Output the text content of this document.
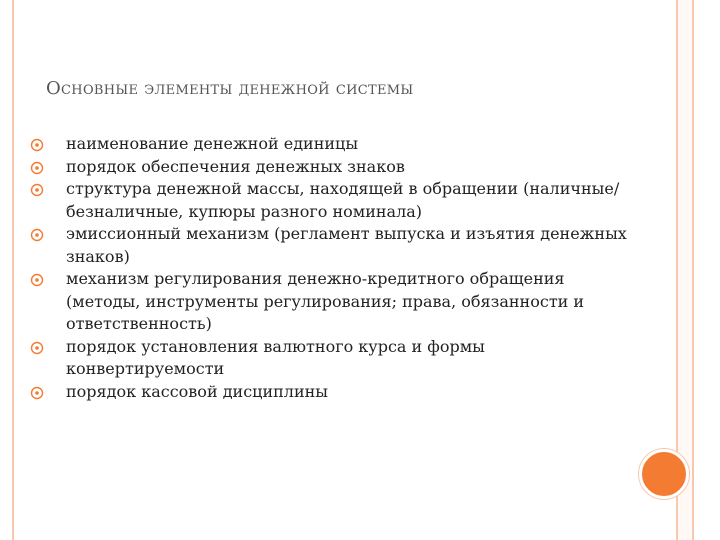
Основные элементы денежной системы
наименование денежной единицы
порядок обеспечения денежных знаков
структура денежной массы, находящей в обращении (наличные/безналичные, купюры разного номинала)
эмиссионный механизм (регламент выпуска и изъятия денежных знаков)
механизм регулирования денежно-кредитного обращения (методы, инструменты регулирования; права, обязанности и ответственность)
порядок установления валютного курса и формы конвертируемости
порядок кассовой дисциплины
